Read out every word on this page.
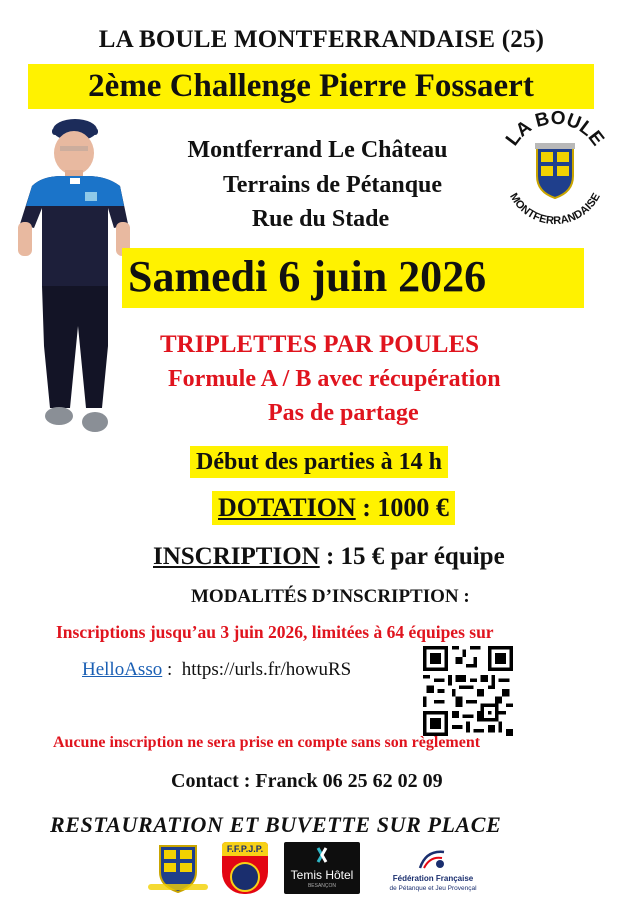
LA BOULE MONTFERRANDAISE (25)
2ème Challenge Pierre Fossaert
Montferrand Le Château
Terrains de Pétanque
Rue du Stade
LA BOULE
MONTFERRANDAISE
Samedi 6 juin 2026
TRIPLETTES PAR POULES
Formule A / B avec récupération
Pas de partage
Début des parties à 14 h
DOTATION : 1000 €
INSCRIPTION : 15 € par équipe
MODALITÉS D’INSCRIPTION :
Inscriptions jusqu’au 3 juin 2026, limitées à 64 équipes sur
HelloAsso :  https://urls.fr/howuRS
Aucune inscription ne sera prise en compte sans son règlement
Contact : Franck 06 25 62 02 09
RESTAURATION ET BUVETTE SUR PLACE
F.F.P.J.P.
Temis Hôtel
BESANÇON
Fédération Française
de Pétanque et Jeu Provençal
